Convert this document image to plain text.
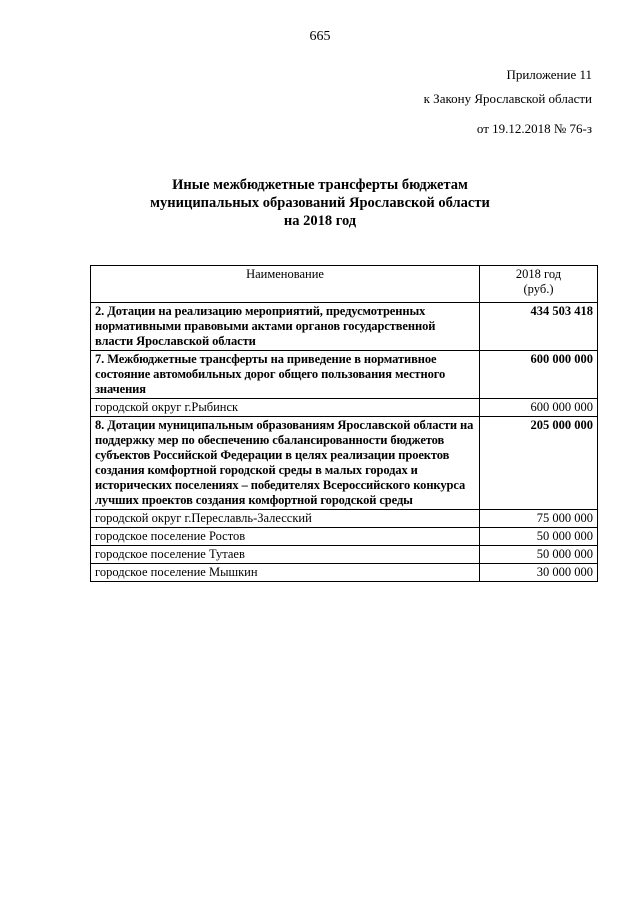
665
Приложение 11
к Закону Ярославской области
от 19.12.2018 № 76-з
Иные межбюджетные трансферты бюджетам
муниципальных образований Ярославской области
на 2018 год
Наименование	2018 год
(руб.)

2. Дотации на реализацию мероприятий, предусмотренных нормативными правовыми актами органов государственной власти Ярославской области	434 503 418
7. Межбюджетные трансферты на приведение в нормативное состояние автомобильных дорог общего пользования местного значения	600 000 000
городской округ г.Рыбинск	600 000 000
8. Дотации муниципальным образованиям Ярославской области на поддержку мер по обеспечению сбалансированности бюджетов субъектов Российской Федерации в целях реализации проектов создания комфортной городской среды в малых городах и исторических поселениях – победителях Всероссийского конкурса лучших проектов создания комфортной городской среды	205 000 000
городской округ г.Переславль-Залесский	75 000 000
городское поселение Ростов	50 000 000
городское поселение Тутаев	50 000 000
городское поселение Мышкин	30 000 000
